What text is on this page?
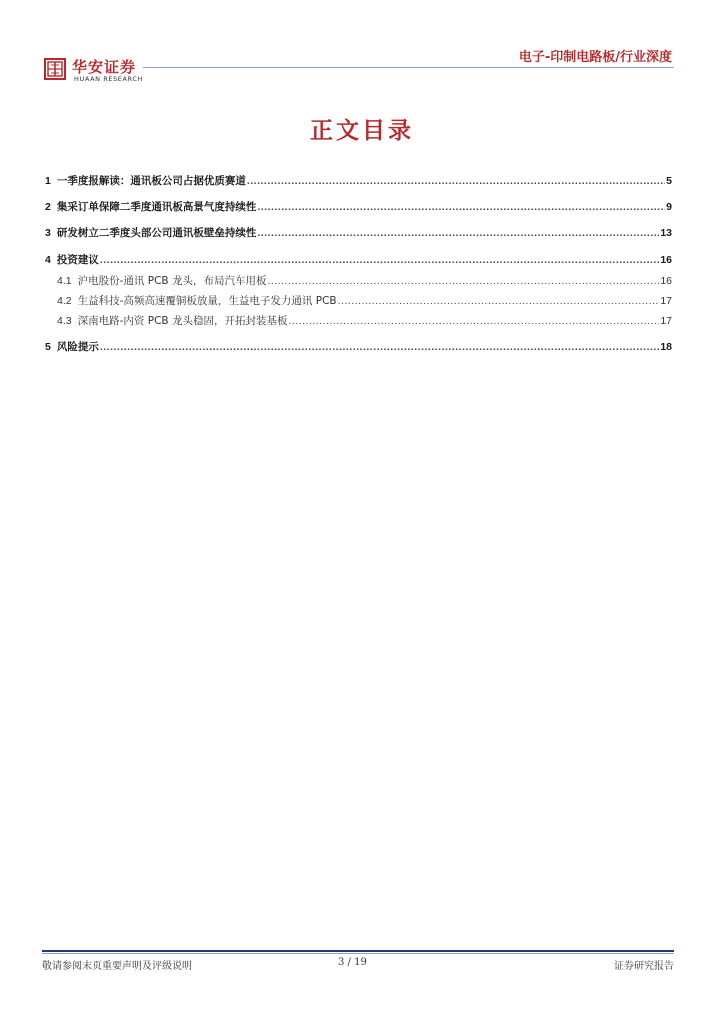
华安证券
HUAAN RESEARCH
电子-印制电路板/行业深度
正文目录
1 一季度报解读：通讯板公司占据优质赛道 .....	5
2 集采订单保障二季度通讯板高景气度持续性 .....	9
3 研发树立二季度头部公司通讯板壁垒持续性 .....	13
4 投资建议 .....	16
4.1 沪电股份-通讯 PCB 龙头，布局汽车用板 .....	16
4.2 生益科技-高频高速覆铜板放量，生益电子发力通讯 PCB .....	17
4.3 深南电路-内资 PCB 龙头稳固，开拓封装基板 .....	17
5 风险提示 .....	18
敬请参阅末页重要声明及评级说明	3 / 19	证券研究报告
